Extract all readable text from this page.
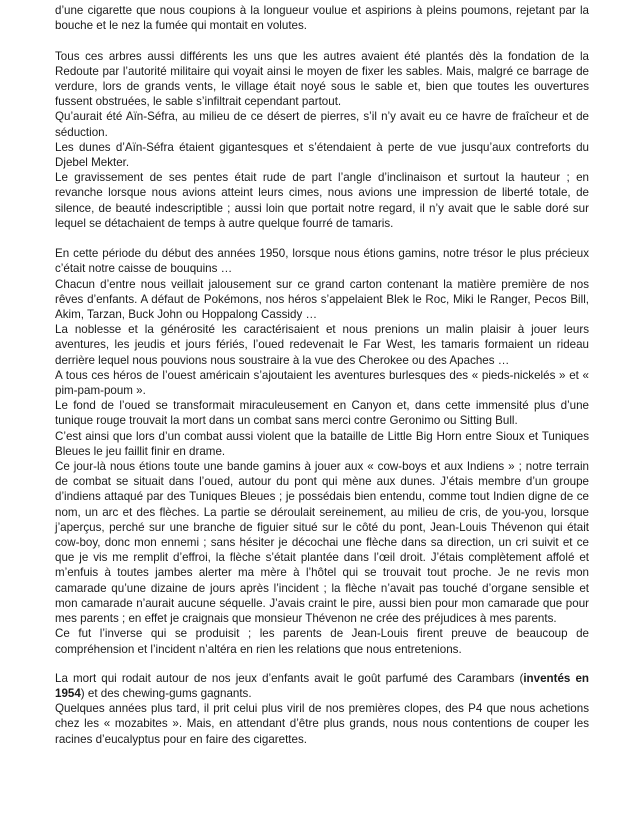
d’une cigarette que nous coupions à la longueur voulue et aspirions à pleins poumons, rejetant par la bouche et le nez la fumée qui montait en volutes.

Tous ces arbres aussi différents les uns que les autres avaient été plantés dès la fondation de la Redoute par l’autorité militaire qui voyait ainsi le moyen de fixer les sables. Mais, malgré ce barrage de verdure, lors de grands vents, le village était noyé sous le sable et, bien que toutes les ouvertures fussent obstruées, le sable s’infiltrait cependant partout.

Qu’aurait été Aïn-Séfra, au milieu de ce désert de pierres, s’il n’y avait eu ce havre de fraîcheur et de séduction.

Les dunes d’Aïn-Séfra étaient gigantesques et s’étendaient à perte de vue jusqu’aux contreforts du Djebel Mekter.

Le gravissement de ses pentes était rude de part l’angle d’inclinaison et surtout la hauteur ; en revanche lorsque nous avions atteint leurs cimes, nous avions une impression de liberté totale, de silence, de beauté indescriptible ; aussi loin que portait notre regard, il n’y avait que le sable doré sur lequel se détachaient de temps à autre quelque fourré de tamaris.

En cette période du début des années 1950, lorsque nous étions gamins, notre trésor le plus précieux c’était notre caisse de bouquins …

Chacun d’entre nous veillait jalousement sur ce grand carton contenant la matière première de nos rêves d’enfants. A défaut de Pokémons, nos héros s’appelaient Blek le Roc, Miki le Ranger, Pecos Bill, Akim, Tarzan, Buck John ou Hoppalong Cassidy …

La noblesse et la générosité les caractérisaient et nous prenions un malin plaisir à jouer leurs aventures, les jeudis et jours fériés, l’oued redevenait le Far West, les tamaris formaient un rideau derrière lequel nous pouvions nous soustraire à la vue des Cherokee ou des Apaches …

A tous ces héros de l’ouest américain s’ajoutaient les aventures burlesques des « pieds-nickelés » et « pim-pam-poum ».

Le fond de l’oued se transformait miraculeusement en Canyon et, dans cette immensité plus d’une tunique rouge trouvait la mort dans un combat sans merci contre Geronimo ou Sitting Bull.

C’est ainsi que lors d’un combat aussi violent que la bataille de Little Big Horn entre Sioux et Tuniques Bleues le jeu faillit finir en drame.

Ce jour-là nous étions toute une bande gamins à jouer aux « cow-boys et aux Indiens » ; notre terrain de combat se situait dans l’oued, autour du pont qui mène aux dunes. J’étais membre d’un groupe d’indiens attaqué par des Tuniques Bleues ; je possédais bien entendu, comme tout Indien digne de ce nom, un arc et des flèches. La partie se déroulait sereinement, au milieu de cris, de you-you, lorsque j’aperçus, perché sur une branche de figuier situé sur le côté du pont, Jean-Louis Thévenon qui était cow-boy, donc mon ennemi ; sans hésiter je décochai une flèche dans sa direction, un cri suivit et ce que je vis me remplit d’effroi, la flèche s’était plantée dans l’œil droit. J’étais complètement affolé et m’enfuis à toutes jambes alerter ma mère à l’hôtel qui se trouvait tout proche. Je ne revis mon camarade qu’une dizaine de jours après l’incident ; la flèche n’avait pas touché d’organe sensible et mon camarade n’aurait aucune séquelle. J’avais craint le pire, aussi bien pour mon camarade que pour mes parents ; en effet je craignais que monsieur Thévenon ne crée des préjudices à mes parents.

Ce fut l’inverse qui se produisit ; les parents de Jean-Louis firent preuve de beaucoup de compréhension et l’incident n’altéra en rien les relations que nous entretenions.

La mort qui rodait autour de nos jeux d’enfants avait le goût parfumé des Carambars (inventés en 1954) et des chewing-gums gagnants.

Quelques années plus tard, il prit celui plus viril de nos premières clopes, des P4 que nous achetions chez les « mozabites ». Mais, en attendant d’être plus grands, nous nous contentions de couper les racines d’eucalyptus pour en faire des cigarettes.
